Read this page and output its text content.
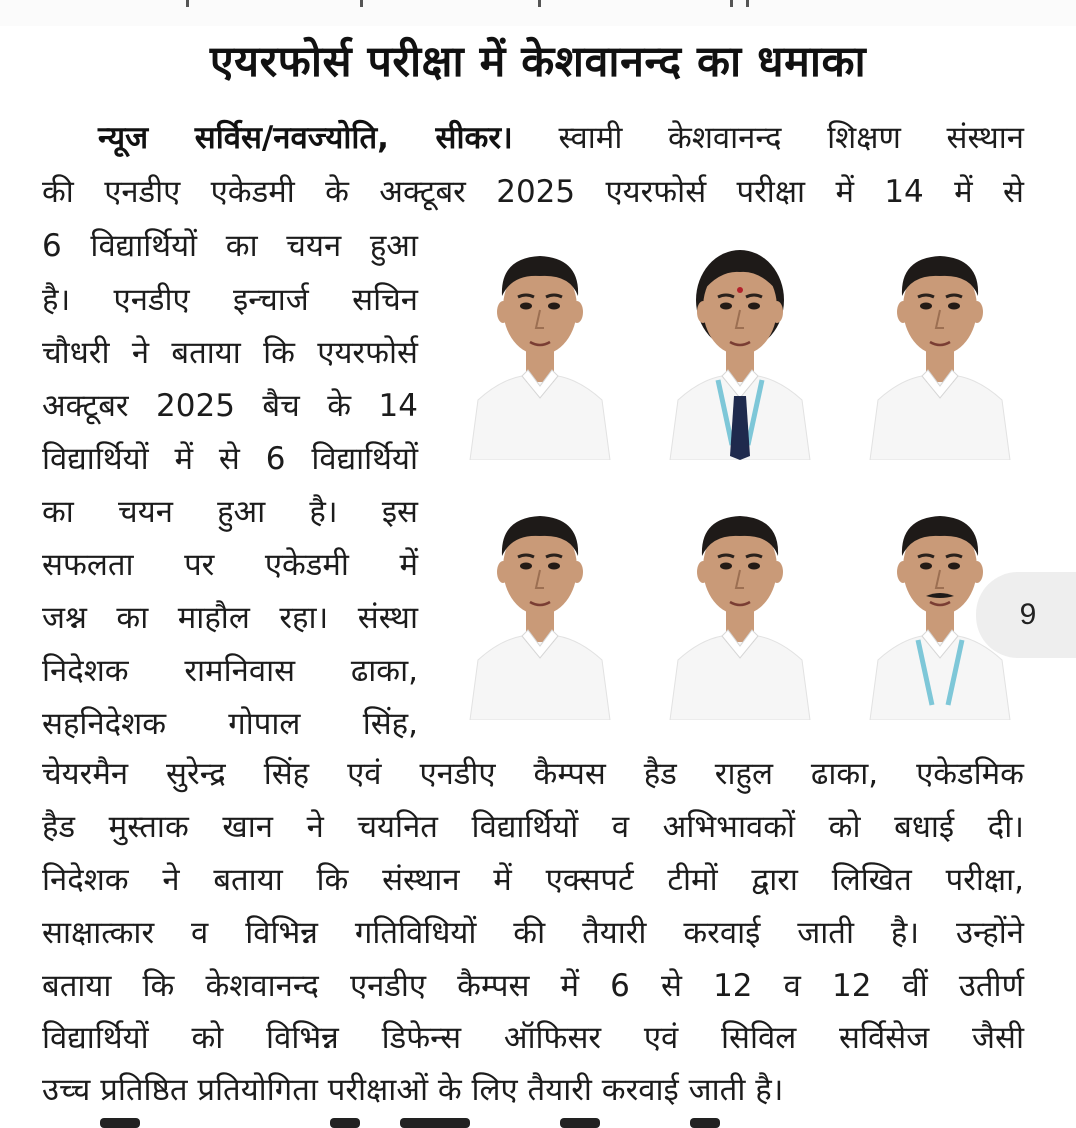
एयरफोर्स परीक्षा में केशवानन्द का धमाका
न्यूज सर्विस/नवज्योति, सीकर। स्वामी केशवानन्द शिक्षण संस्थान
की एनडीए एकेडमी के अक्टूबर 2025 एयरफोर्स परीक्षा में 14 में से
6 विद्यार्थियों का चयन हुआ
है। एनडीए इन्चार्ज सचिन
चौधरी ने बताया कि एयरफोर्स
अक्टूबर 2025 बैच के 14
विद्यार्थियों में से 6 विद्यार्थियों
का चयन हुआ है। इस
सफलता पर एकेडमी में
जश्न का माहौल रहा। संस्था
निदेशक रामनिवास ढाका,
सहनिदेशक गोपाल सिंह,
चेयरमैन सुरेन्द्र सिंह एवं एनडीए कैम्पस हैड राहुल ढाका, एकेडमिक
हैड मुस्ताक खान ने चयनित विद्यार्थियों व अभिभावकों को बधाई दी।
निदेशक ने बताया कि संस्थान में एक्सपर्ट टीमों द्वारा लिखित परीक्षा,
साक्षात्कार व विभिन्न गतिविधियों की तैयारी करवाई जाती है। उन्होंने
बताया कि केशवानन्द एनडीए कैम्पस में 6 से 12 व 12 वीं उतीर्ण
विद्यार्थियों को विभिन्न डिफेन्स ऑफिसर एवं सिविल सर्विसेज जैसी
उच्च प्रतिष्ठित प्रतियोगिता परीक्षाओं के लिए तैयारी करवाई जाती है।
9
